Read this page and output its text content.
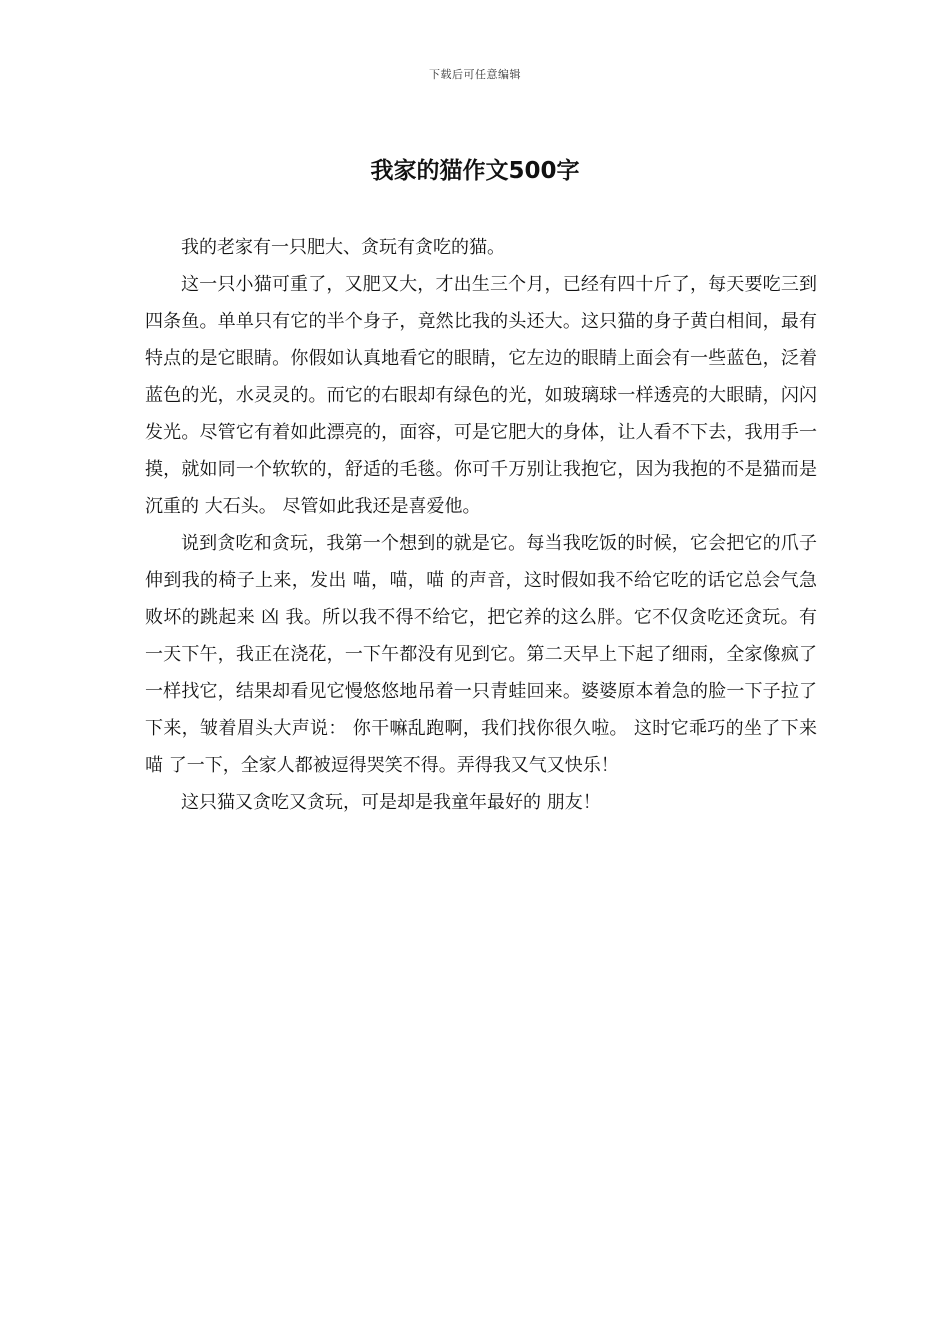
下载后可任意编辑
我家的猫作文500字

我的老家有一只肥大、贪玩有贪吃的猫。

这一只小猫可重了，又肥又大，才出生三个月，已经有四十斤了，每天要吃三到四条鱼。单单只有它的半个身子，竟然比我的头还大。这只猫的身子黄白相间，最有特点的是它眼睛。你假如认真地看它的眼睛，它左边的眼睛上面会有一些蓝色，泛着蓝色的光，水灵灵的。而它的右眼却有绿色的光，如玻璃球一样透亮的大眼睛，闪闪发光。尽管它有着如此漂亮的，面容，可是它肥大的身体，让人看不下去，我用手一摸，就如同一个软软的，舒适的毛毯。你可千万别让我抱它，因为我抱的不是猫而是沉重的 大石头。 尽管如此我还是喜爱他。

说到贪吃和贪玩，我第一个想到的就是它。每当我吃饭的时候，它会把它的爪子伸到我的椅子上来，发出 喵，喵，喵 的声音，这时假如我不给它吃的话它总会气急败坏的跳起来 凶 我。所以我不得不给它，把它养的这么胖。它不仅贪吃还贪玩。有一天下午，我正在浇花，一下午都没有见到它。第二天早上下起了细雨，全家像疯了一样找它，结果却看见它慢悠悠地吊着一只青蛙回来。婆婆原本着急的脸一下子拉了下来，皱着眉头大声说： 你干嘛乱跑啊，我们找你很久啦。 这时它乖巧的坐了下来 喵 了一下，全家人都被逗得哭笑不得。弄得我又气又快乐！

这只猫又贪吃又贪玩，可是却是我童年最好的 朋友！
